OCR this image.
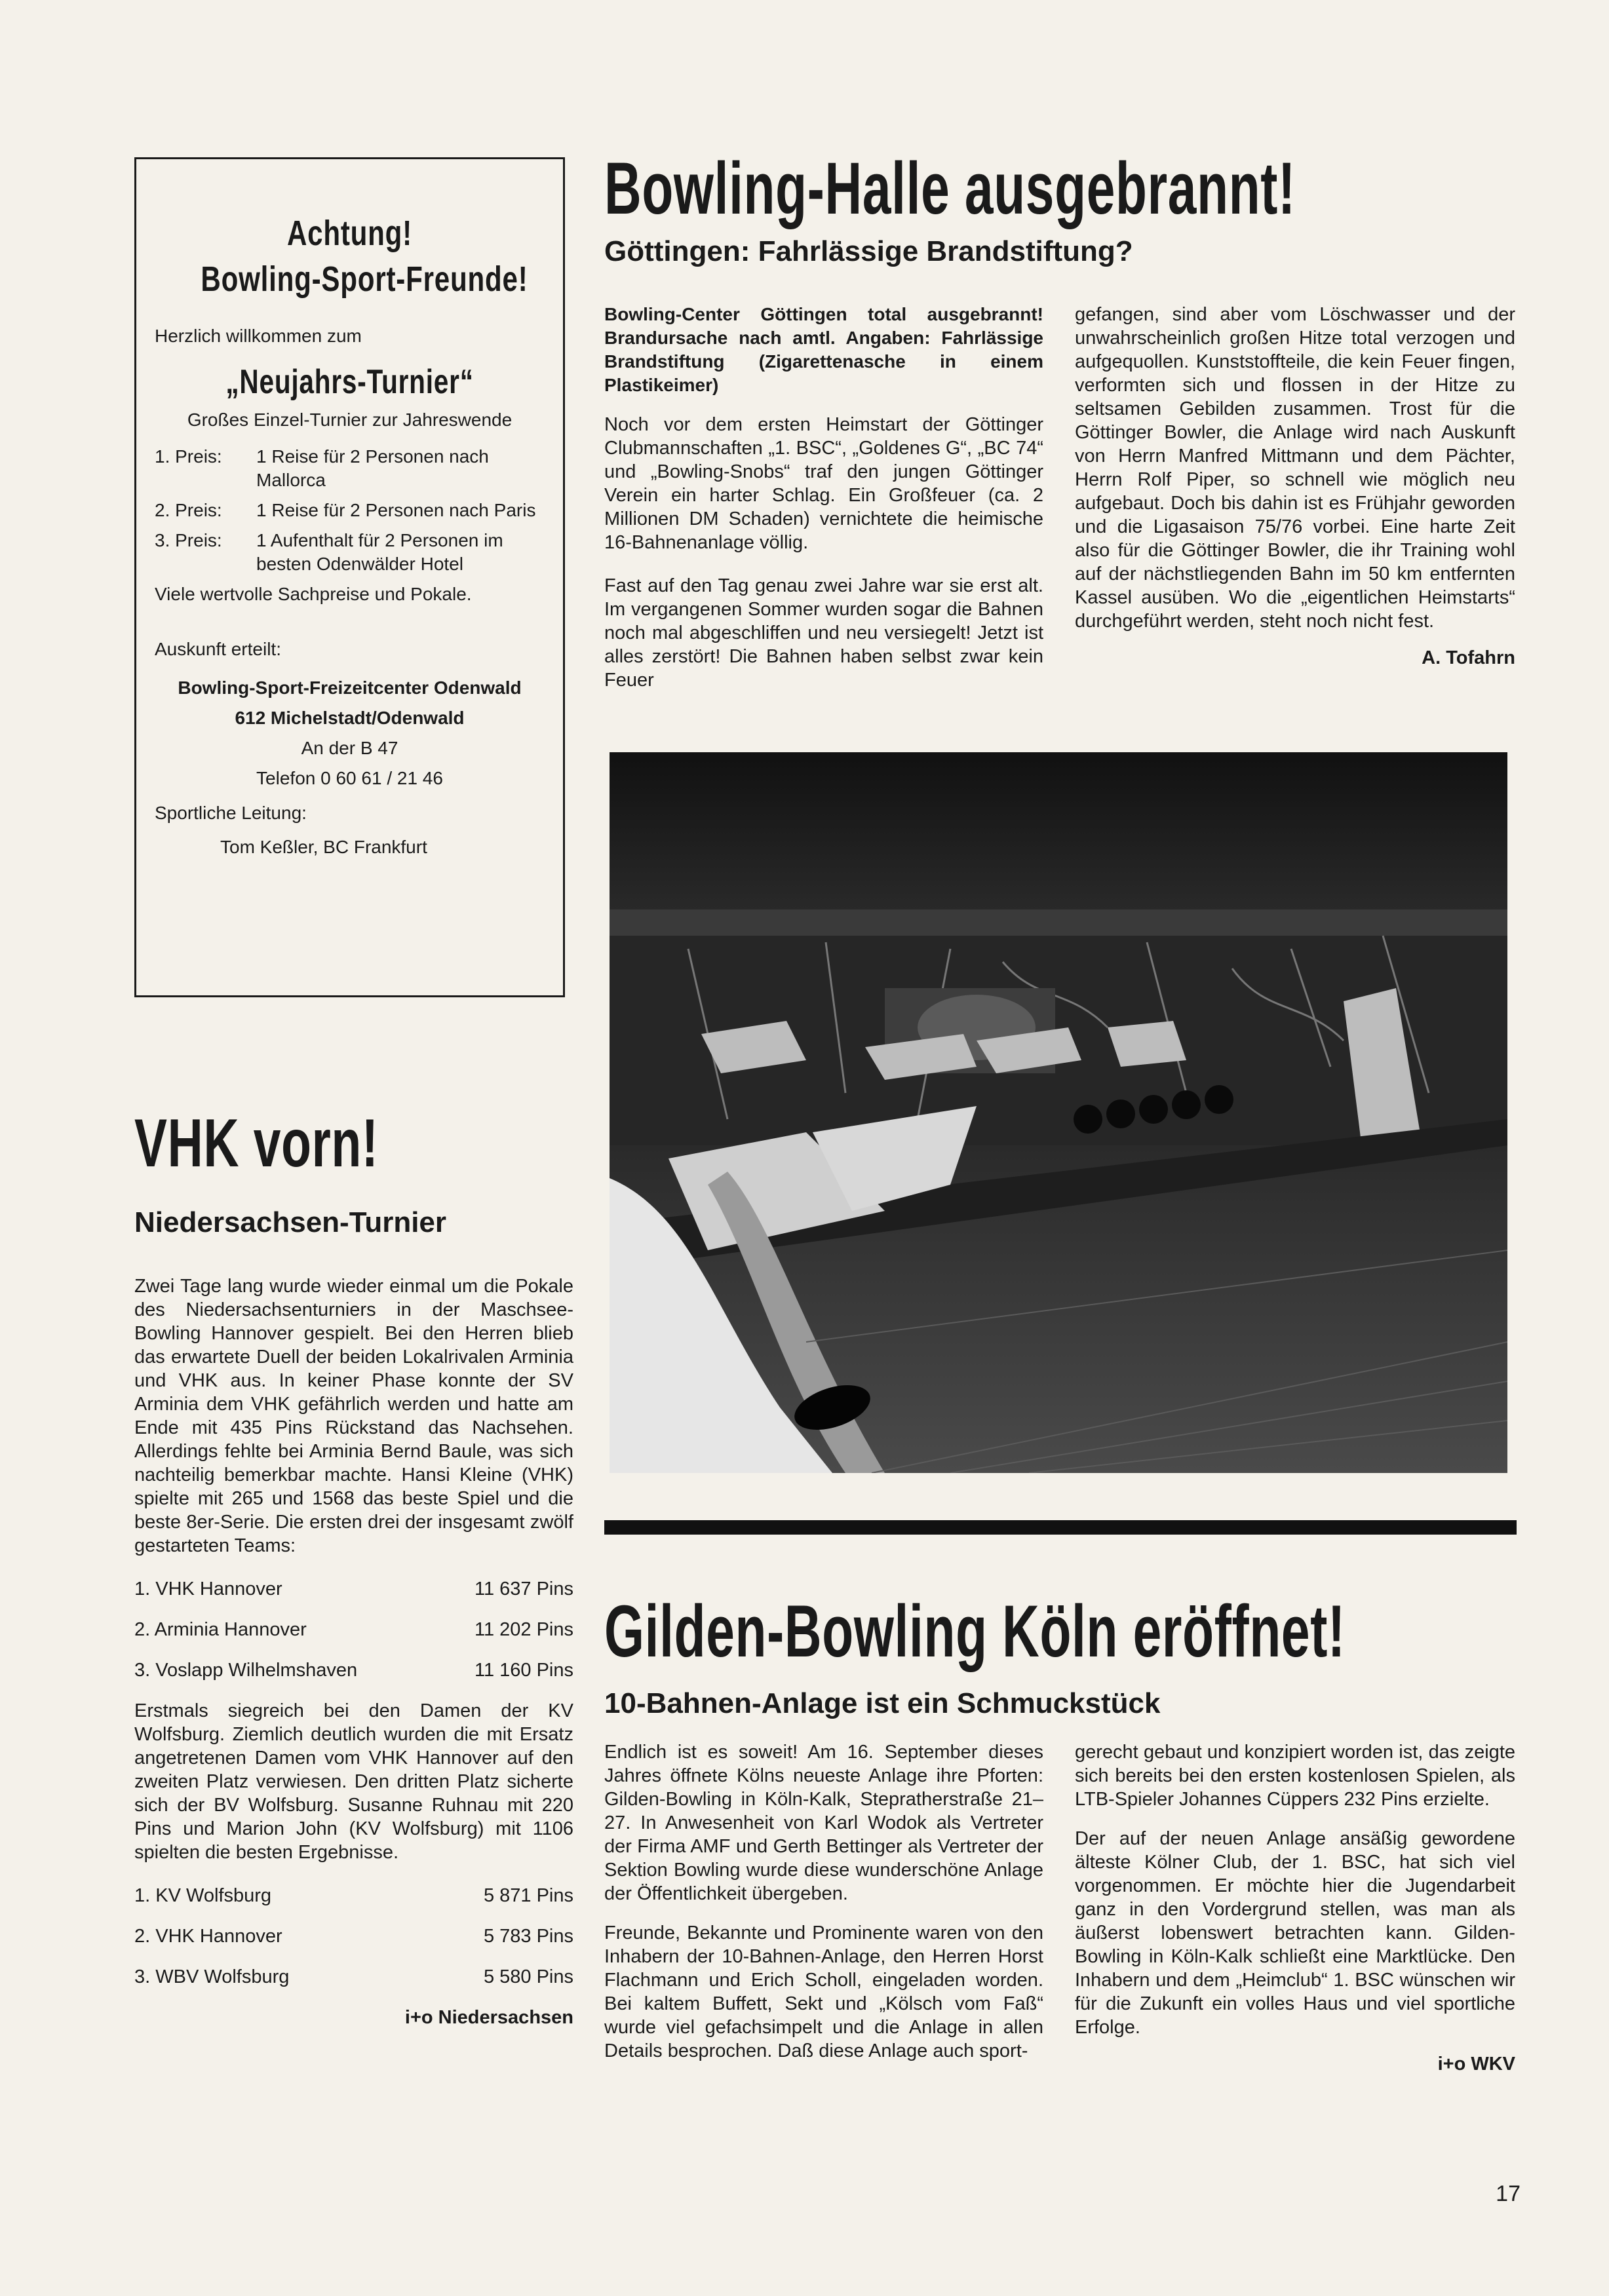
Achtung!
Bowling-Sport-Freunde!
Herzlich willkommen zum
„Neujahrs-Turnier“
Großes Einzel-Turnier zur Jahreswende
1. Preis:	1 Reise für 2 Personen nach Mallorca
2. Preis:	1 Reise für 2 Personen nach Paris
3. Preis:	1 Aufenthalt für 2 Personen im besten Odenwälder Hotel
Viele wertvolle Sachpreise und Pokale.
Auskunft erteilt:
Bowling-Sport-Freizeitcenter Odenwald
612 Michelstadt/Odenwald
An der B 47
Telefon 0 60 61 / 21 46
Sportliche Leitung:
Tom Keßler, BC Frankfurt
Bowling-Halle ausgebrannt!
Göttingen: Fahrlässige Brandstiftung?

Bowling-Center Göttingen total ausgebrannt! Brandursache nach amtl. Angaben: Fahrlässige Brandstiftung (Zigarettenasche in einem Plastikeimer)

Noch vor dem ersten Heimstart der Göttinger Clubmannschaften „1. BSC“, „Goldenes G“, „BC 74“ und „Bowling-Snobs“ traf den jungen Göttinger Verein ein harter Schlag. Ein Großfeuer (ca. 2 Millionen DM Schaden) vernichtete die heimische 16-Bahnenanlage völlig.

Fast auf den Tag genau zwei Jahre war sie erst alt. Im vergangenen Sommer wurden sogar die Bahnen noch mal abgeschliffen und neu versiegelt! Jetzt ist alles zerstört! Die Bahnen haben selbst zwar kein Feuer

gefangen, sind aber vom Löschwasser und der unwahrscheinlich großen Hitze total verzogen und aufgequollen. Kunststoffteile, die kein Feuer fingen, verformten sich und flossen in der Hitze zu seltsamen Gebilden zusammen. Trost für die Göttinger Bowler, die Anlage wird nach Auskunft von Herrn Manfred Mittmann und dem Pächter, Herrn Rolf Piper, so schnell wie möglich neu aufgebaut. Doch bis dahin ist es Frühjahr geworden und die Ligasaison 75/76 vorbei. Eine harte Zeit also für die Göttinger Bowler, die ihr Training wohl auf der nächstliegenden Bahn im 50 km entfernten Kassel ausüben. Wo die „eigentlichen Heimstarts“ durchgeführt werden, steht noch nicht fest.

A. Tofahrn
VHK vorn!
Niedersachsen-Turnier

Zwei Tage lang wurde wieder einmal um die Pokale des Niedersachsenturniers in der Maschsee-Bowling Hannover gespielt. Bei den Herren blieb das erwartete Duell der beiden Lokalrivalen Arminia und VHK aus. In keiner Phase konnte der SV Arminia dem VHK gefährlich werden und hatte am Ende mit 435 Pins Rückstand das Nachsehen. Allerdings fehlte bei Arminia Bernd Baule, was sich nachteilig bemerkbar machte. Hansi Kleine (VHK) spielte mit 265 und 1568 das beste Spiel und die beste 8er-Serie. Die ersten drei der insgesamt zwölf gestarteten Teams:

1. VHK Hannover	11 637 Pins
2. Arminia Hannover	11 202 Pins
3. Voslapp Wilhelmshaven	11 160 Pins

Erstmals siegreich bei den Damen der KV Wolfsburg. Ziemlich deutlich wurden die mit Ersatz angetretenen Damen vom VHK Hannover auf den zweiten Platz verwiesen. Den dritten Platz sicherte sich der BV Wolfsburg. Susanne Ruhnau mit 220 Pins und Marion John (KV Wolfsburg) mit 1106 spielten die besten Ergebnisse.

1. KV Wolfsburg	5 871 Pins
2. VHK Hannover	5 783 Pins
3. WBV Wolfsburg	5 580 Pins
i+o Niedersachsen
Gilden-Bowling Köln eröffnet!
10-Bahnen-Anlage ist ein Schmuckstück

Endlich ist es soweit! Am 16. September dieses Jahres öffnete Kölns neueste Anlage ihre Pforten: Gilden-Bowling in Köln-Kalk, Stepratherstraße 21–27. In Anwesenheit von Karl Wodok als Vertreter der Firma AMF und Gerth Bettinger als Vertreter der Sektion Bowling wurde diese wunderschöne Anlage der Öffentlichkeit übergeben.

Freunde, Bekannte und Prominente waren von den Inhabern der 10-Bahnen-Anlage, den Herren Horst Flachmann und Erich Scholl, eingeladen worden. Bei kaltem Buffett, Sekt und „Kölsch vom Faß“ wurde viel gefachsimpelt und die Anlage in allen Details besprochen. Daß diese Anlage auch sport-

gerecht gebaut und konzipiert worden ist, das zeigte sich bereits bei den ersten kostenlosen Spielen, als LTB-Spieler Johannes Cüppers 232 Pins erzielte.

Der auf der neuen Anlage ansäßig gewordene älteste Kölner Club, der 1. BSC, hat sich viel vorgenommen. Er möchte hier die Jugendarbeit ganz in den Vordergrund stellen, was man als äußerst lobenswert betrachten kann. Gilden-Bowling in Köln-Kalk schließt eine Marktlücke. Den Inhabern und dem „Heimclub“ 1. BSC wünschen wir für die Zukunft ein volles Haus und viel sportliche Erfolge.

i+o WKV
17
